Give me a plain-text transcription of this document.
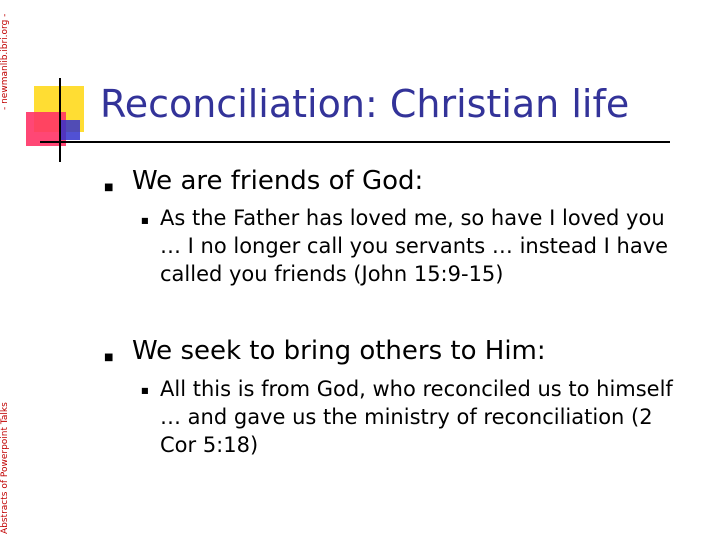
- newmanlib.ibri.org -
Abstracts of Powerpoint Talks
Reconciliation: Christian life
■ We are friends of God:
■ As the Father has loved me, so have I loved you … I no longer call you servants … instead I have called you friends (John 15:9-15)
■ We seek to bring others to Him:
■ All this is from God, who reconciled us to himself … and gave us the ministry of reconciliation (2 Cor 5:18)
